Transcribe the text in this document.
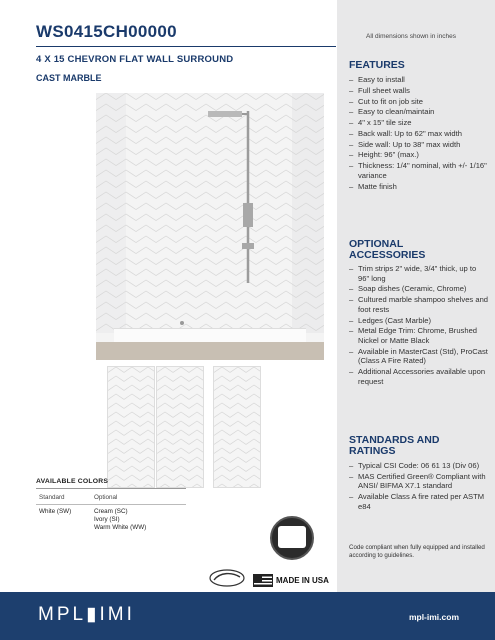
WS0415CH00000	All dimensions shown in inches
4 X 15 CHEVRON FLAT WALL SURROUND
CAST MARBLE
AVAILABLE COLORS
Standard	Optional
White (SW)	Cream (SC)
Ivory (SI)
Warm White (WW)
MADE IN USA
FEATURES
– Easy to install
– Full sheet walls
– Cut to fit on job site
– Easy to clean/maintain
– 4" x 15" tile size
– Back wall: Up to 62" max width
– Side wall: Up to 38" max width
– Height: 96" (max.)
– Thickness: 1/4" nominal, with +/- 1/16" variance
– Matte finish
OPTIONAL
ACCESSORIES
– Trim strips 2" wide, 3/4" thick, up to 96" long
– Soap dishes (Ceramic, Chrome)
– Cultured marble shampoo shelves and foot rests
– Ledges (Cast Marble)
– Metal Edge Trim: Chrome, Brushed Nickel or Matte Black
– Available in MasterCast (Std), ProCast (Class A Fire Rated)
– Additional Accessories available upon request
STANDARDS AND
RATINGS
– Typical CSI Code: 06 61 13 (Div 06)
– MAS Certified Green® Compliant with ANSI/ BIFMA X7.1 standard
– Available Class A fire rated per ASTM e84
Code compliant when fully equipped and installed according to guidelines.
MPL▮IMI	mpl-imi.com
